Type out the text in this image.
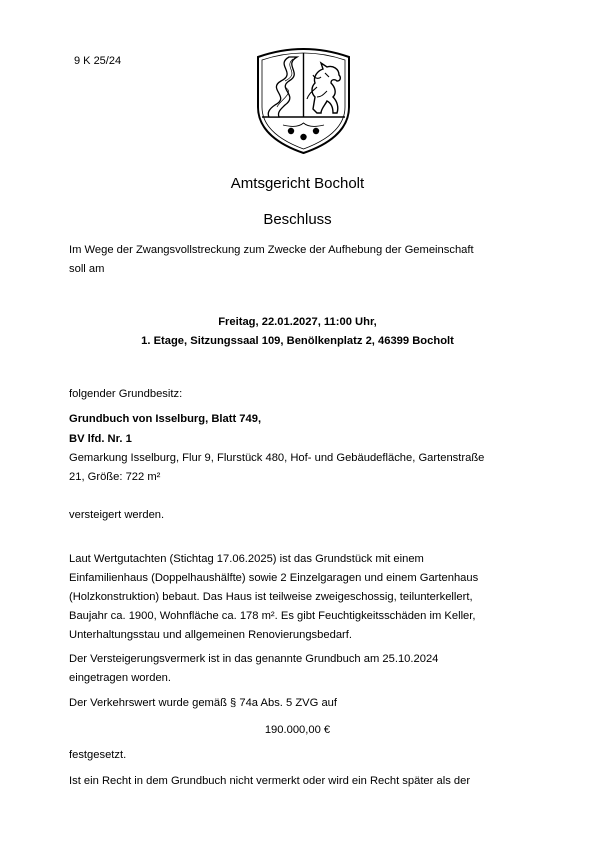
9 K 25/24
Amtsgericht Bocholt
Beschluss
Im Wege der Zwangsvollstreckung zum Zwecke der Aufhebung der Gemeinschaft
soll am
Freitag, 22.01.2027, 11:00 Uhr,
1. Etage, Sitzungssaal 109, Benölkenplatz 2, 46399 Bocholt
folgender Grundbesitz:
Grundbuch von Isselburg, Blatt 749,
BV lfd. Nr. 1
Gemarkung Isselburg, Flur 9, Flurstück 480, Hof- und Gebäudefläche, Gartenstraße
21, Größe: 722 m²
versteigert werden.
Laut Wertgutachten (Stichtag 17.06.2025) ist das Grundstück mit einem
Einfamilienhaus (Doppelhaushälfte) sowie 2 Einzelgaragen und einem Gartenhaus
(Holzkonstruktion) bebaut. Das Haus ist teilweise zweigeschossig, teilunterkellert,
Baujahr ca. 1900, Wohnfläche ca. 178 m². Es gibt Feuchtigkeitsschäden im Keller,
Unterhaltungsstau und allgemeinen Renovierungsbedarf.
Der Versteigerungsvermerk ist in das genannte Grundbuch am 25.10.2024
eingetragen worden.
Der Verkehrswert wurde gemäß § 74a Abs. 5 ZVG auf
190.000,00 €
festgesetzt.
Ist ein Recht in dem Grundbuch nicht vermerkt oder wird ein Recht später als der
